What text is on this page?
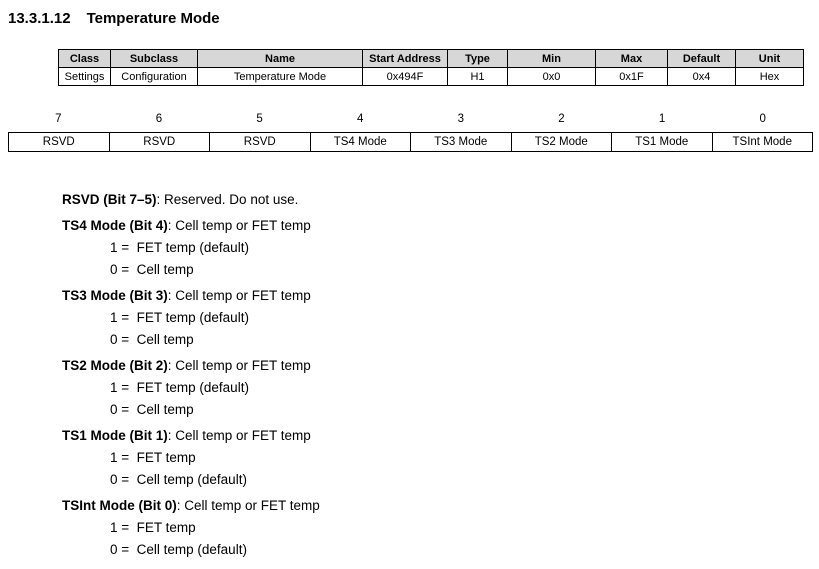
13.3.1.12 Temperature Mode
Class	Subclass	Name	Start Address	Type	Min	Max	Default	Unit
Settings	Configuration	Temperature Mode	0x494F	H1	0x0	0x1F	0x4	Hex
7	6	5	4	3	2	1	0
RSVD	RSVD	RSVD	TS4 Mode	TS3 Mode	TS2 Mode	TS1 Mode	TSInt Mode
RSVD (Bit 7–5): Reserved. Do not use.
TS4 Mode (Bit 4): Cell temp or FET temp
1 =  FET temp (default)
0 =  Cell temp
TS3 Mode (Bit 3): Cell temp or FET temp
1 =  FET temp (default)
0 =  Cell temp
TS2 Mode (Bit 2): Cell temp or FET temp
1 =  FET temp (default)
0 =  Cell temp
TS1 Mode (Bit 1): Cell temp or FET temp
1 =  FET temp
0 =  Cell temp (default)
TSInt Mode (Bit 0): Cell temp or FET temp
1 =  FET temp
0 =  Cell temp (default)
